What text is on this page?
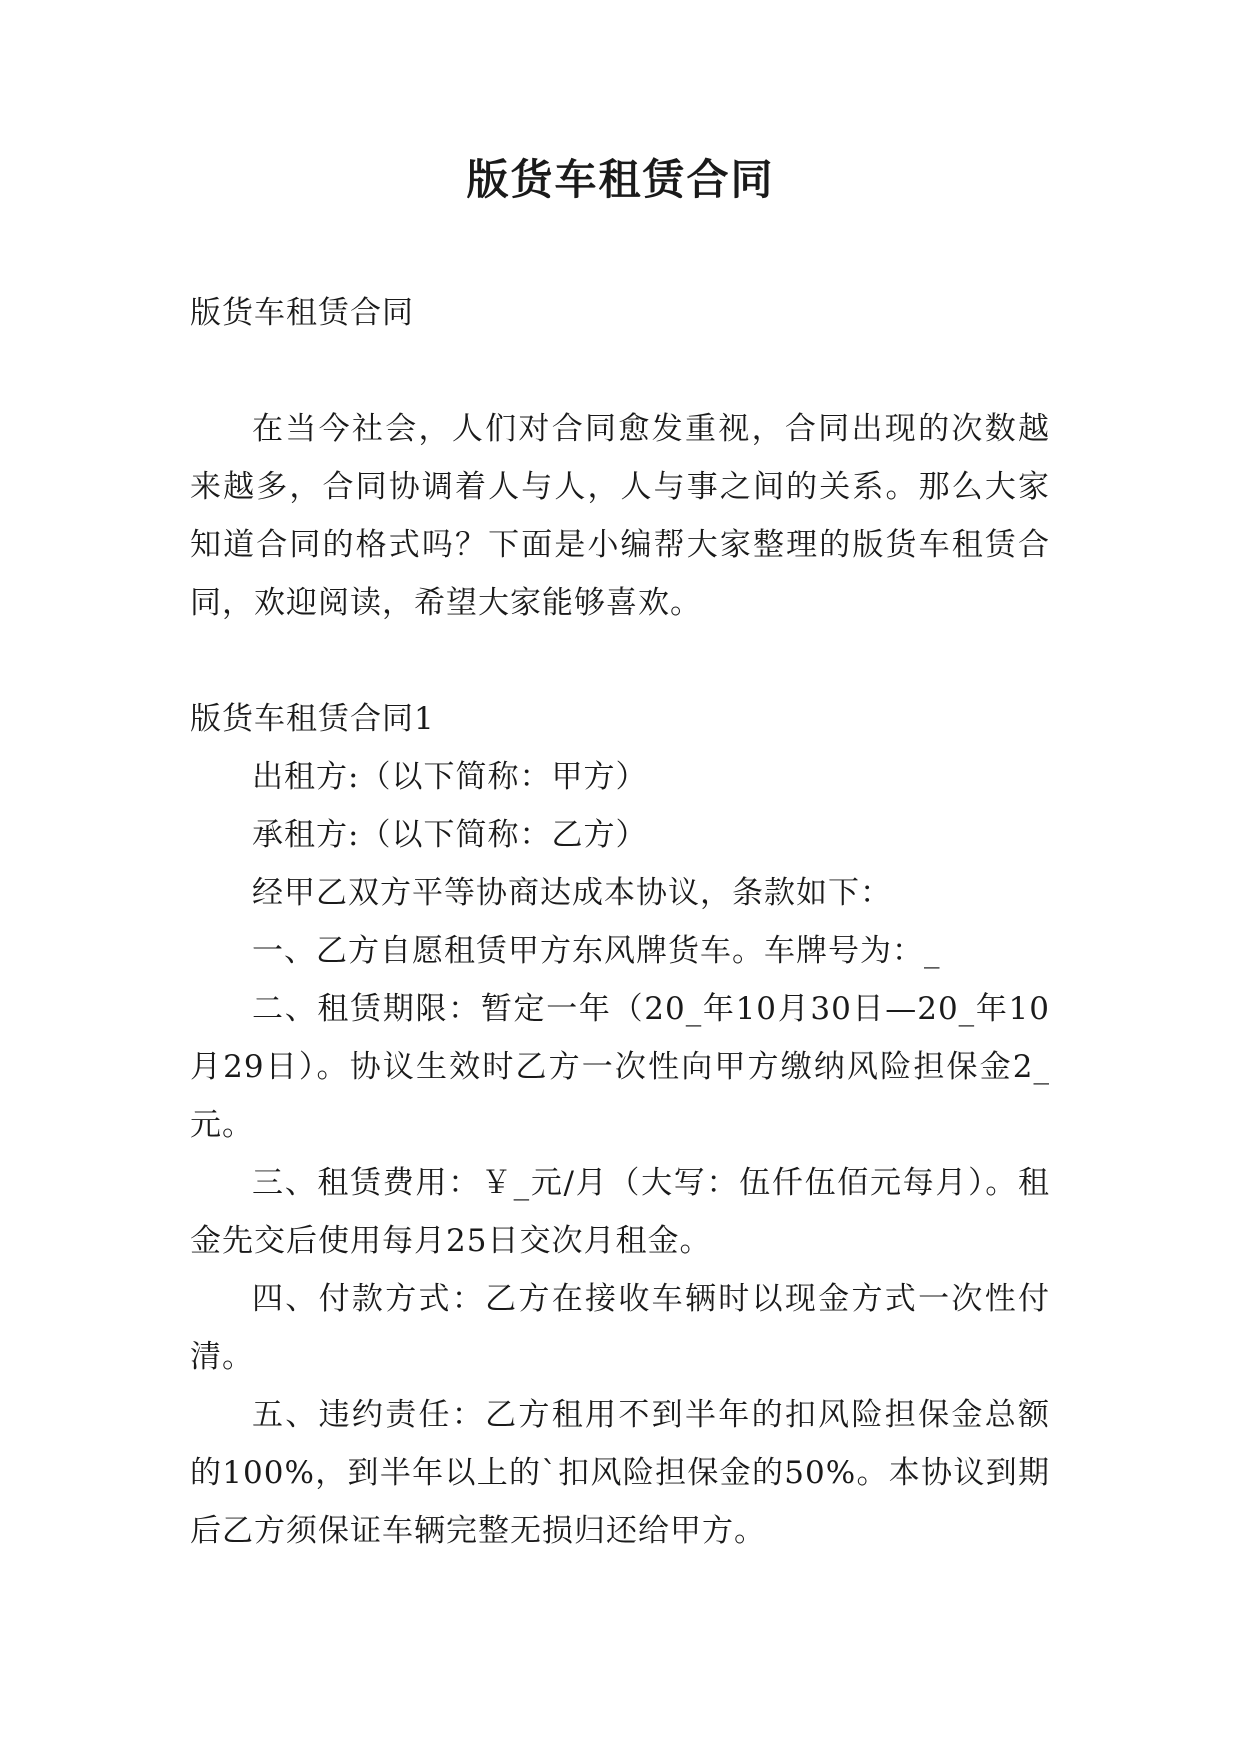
版货车租赁合同

版货车租赁合同

在当今社会，人们对合同愈发重视，合同出现的次数越来越多，合同协调着人与人，人与事之间的关系。那么大家知道合同的格式吗？下面是小编帮大家整理的版货车租赁合同，欢迎阅读，希望大家能够喜欢。

版货车租赁合同1

出租方:（以下简称：甲方）

承租方:（以下简称：乙方）

经甲乙双方平等协商达成本协议，条款如下：

一、乙方自愿租赁甲方东风牌货车。车牌号为：_

二、租赁期限：暂定一年（20_年10月30日—20_年10月29日）。协议生效时乙方一次性向甲方缴纳风险担保金2_元。

三、租赁费用：￥_元/月（大写：伍仟伍佰元每月）。租金先交后使用每月25日交次月租金。

四、付款方式：乙方在接收车辆时以现金方式一次性付清。

五、违约责任：乙方租用不到半年的扣风险担保金总额的100%，到半年以上的`扣风险担保金的50%。本协议到期后乙方须保证车辆完整无损归还给甲方。
